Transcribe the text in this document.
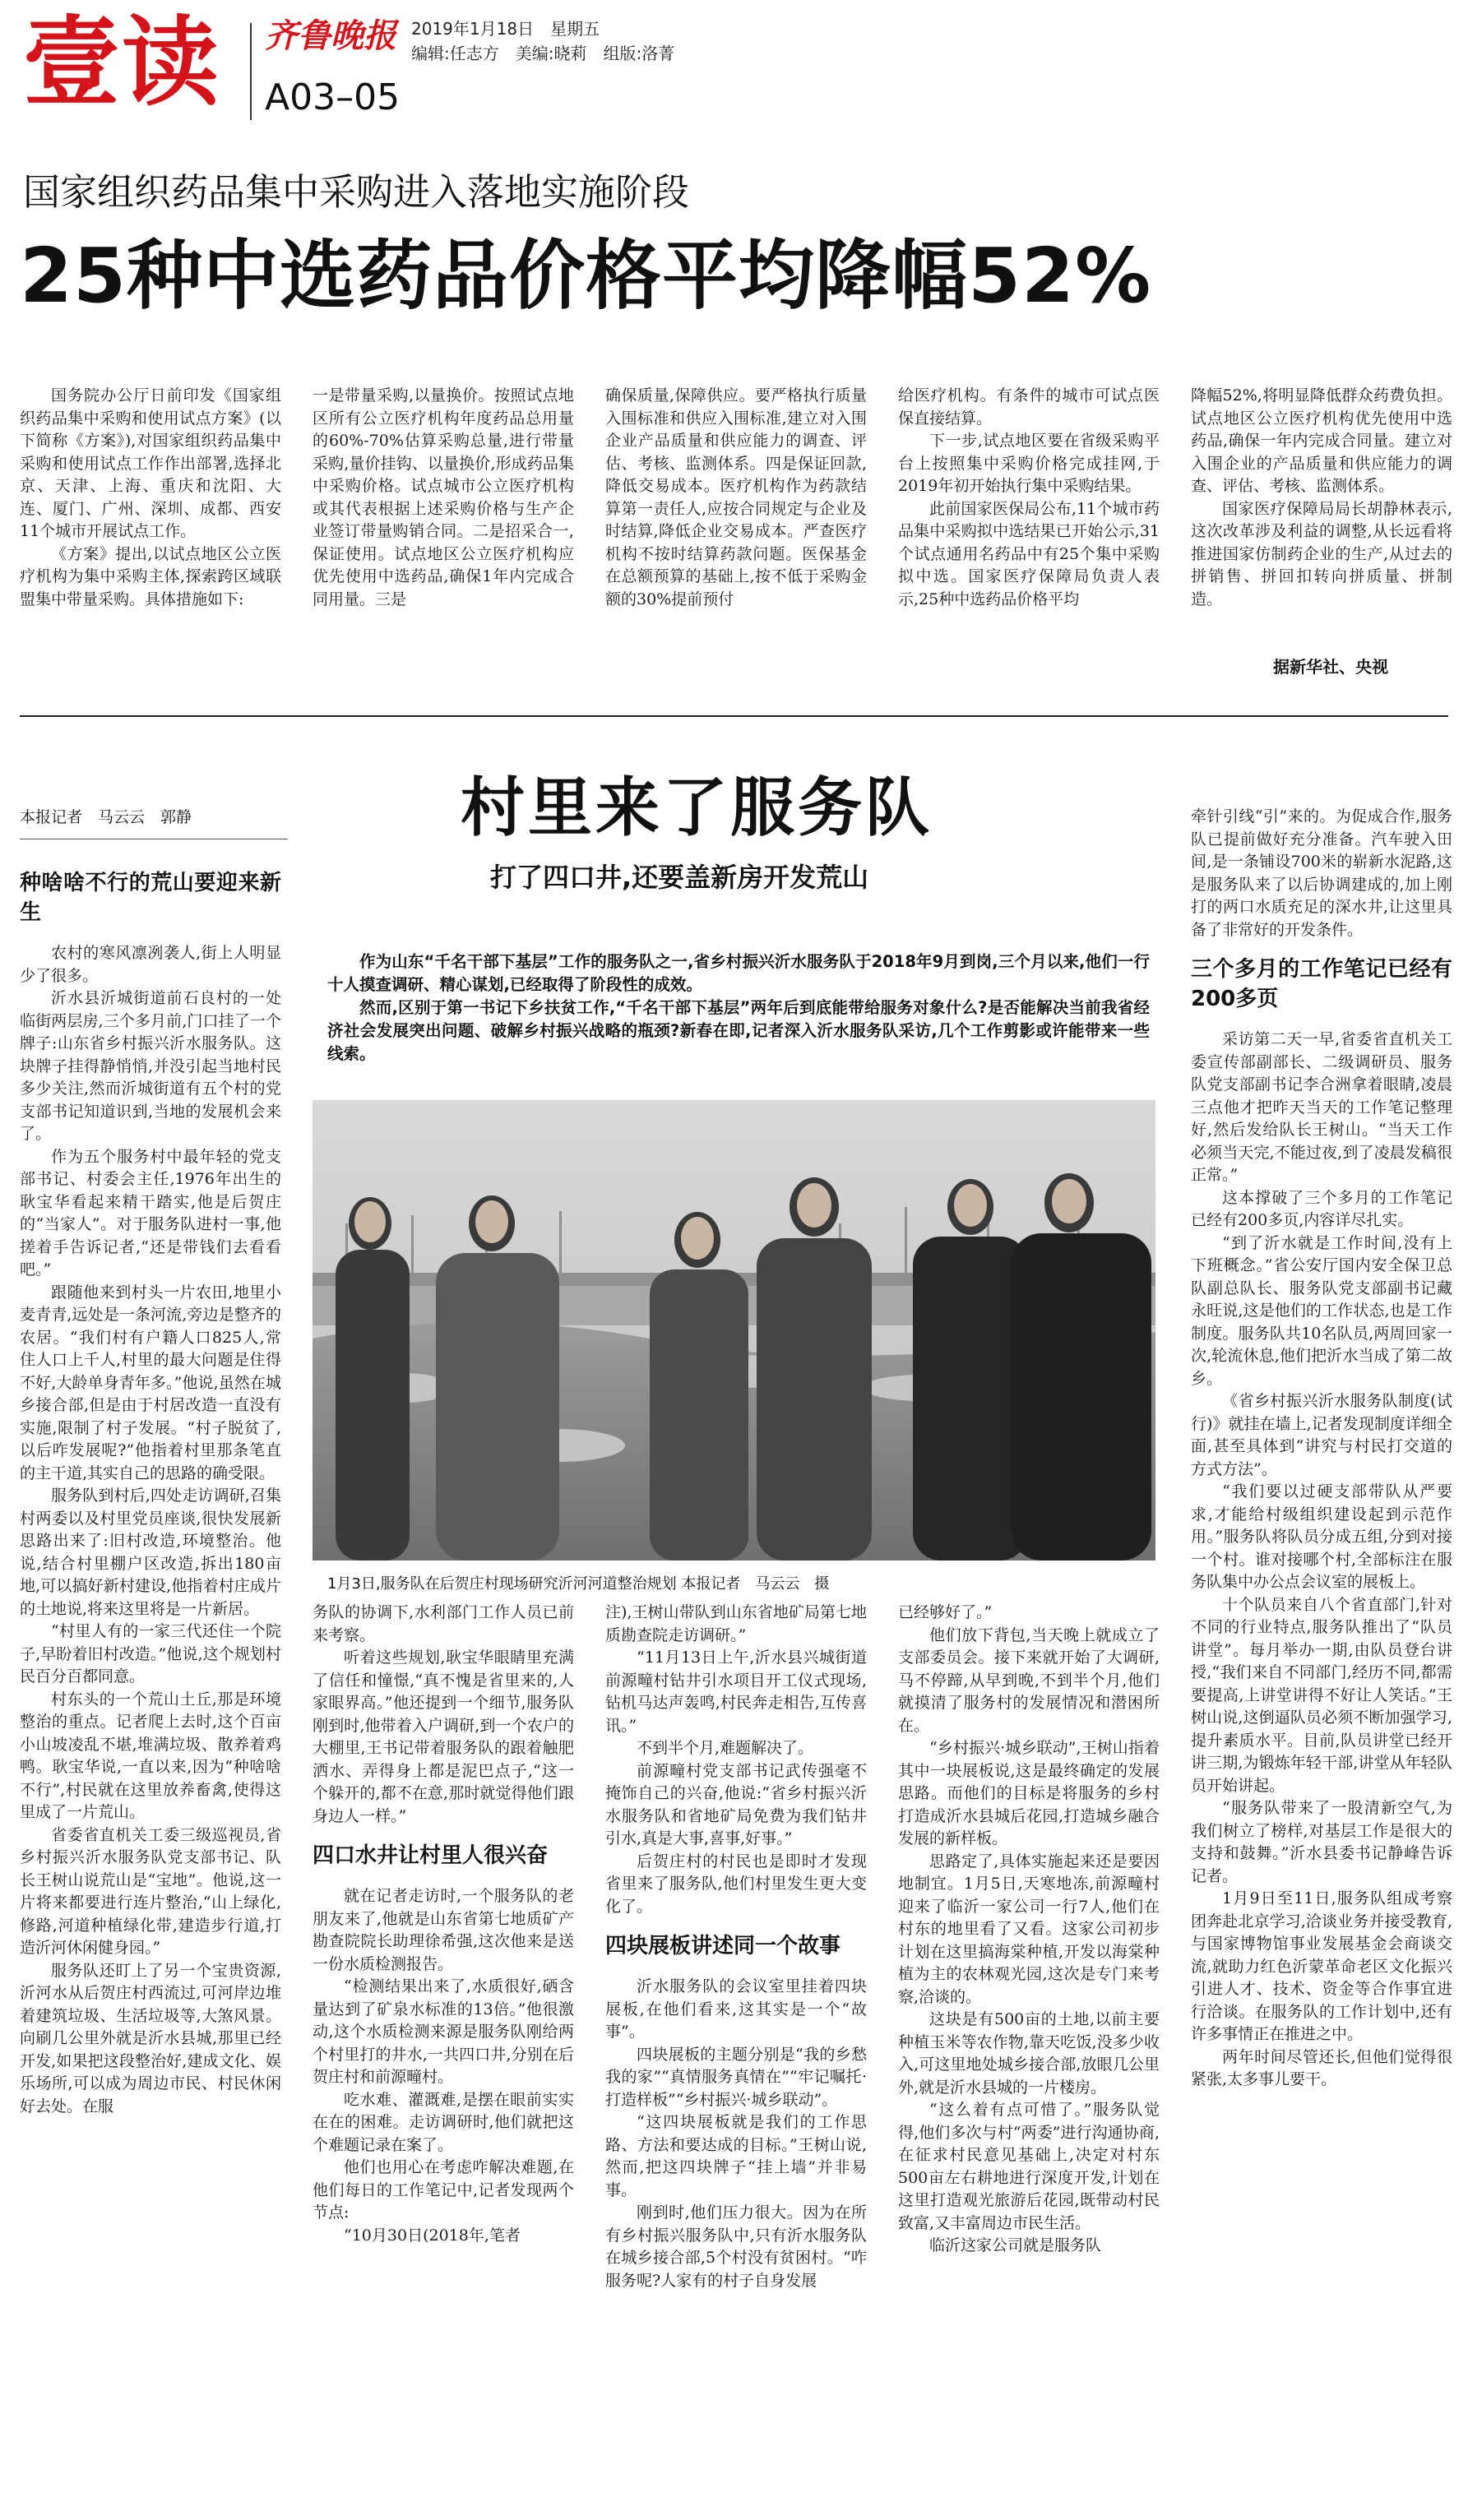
壹读 齐鲁晚报 2019年1月18日　星期五
编辑:任志方　美编:晓莉　组版:洛菁
A03–05
国家组织药品集中采购进入落地实施阶段
25种中选药品价格平均降幅52%

国务院办公厅日前印发《国家组织药品集中采购和使用试点方案》(以下简称《方案》),对国家组织药品集中采购和使用试点工作作出部署,选择北京、天津、上海、重庆和沈阳、大连、厦门、广州、深圳、成都、西安11个城市开展试点工作。

《方案》提出,以试点地区公立医疗机构为集中采购主体,探索跨区域联盟集中带量采购。具体措施如下:

一是带量采购,以量换价。按照试点地区所有公立医疗机构年度药品总用量的60%-70%估算采购总量,进行带量采购,量价挂钩、以量换价,形成药品集中采购价格。试点城市公立医疗机构或其代表根据上述采购价格与生产企业签订带量购销合同。二是招采合一,保证使用。试点地区公立医疗机构应优先使用中选药品,确保1年内完成合同用量。三是

确保质量,保障供应。要严格执行质量入围标准和供应入围标准,建立对入围企业产品质量和供应能力的调查、评估、考核、监测体系。四是保证回款,降低交易成本。医疗机构作为药款结算第一责任人,应按合同规定与企业及时结算,降低企业交易成本。严查医疗机构不按时结算药款问题。医保基金在总额预算的基础上,按不低于采购金额的30%提前预付

给医疗机构。有条件的城市可试点医保直接结算。

下一步,试点地区要在省级采购平台上按照集中采购价格完成挂网,于2019年初开始执行集中采购结果。

此前国家医保局公布,11个城市药品集中采购拟中选结果已开始公示,31个试点通用名药品中有25个集中采购拟中选。国家医疗保障局负责人表示,25种中选药品价格平均

降幅52%,将明显降低群众药费负担。试点地区公立医疗机构优先使用中选药品,确保一年内完成合同量。建立对入围企业的产品质量和供应能力的调查、评估、考核、监测体系。

国家医疗保障局局长胡静林表示,这次改革涉及利益的调整,从长远看将推进国家仿制药企业的生产,从过去的拼销售、拼回扣转向拼质量、拼制造。

据新华社、央视
本报记者　马云云　郭静	村里来了服务队
打了四口井,还要盖新房开发荒山

作为山东“千名干部下基层”工作的服务队之一,省乡村振兴沂水服务队于2018年9月到岗,三个月以来,他们一行十人摸查调研、精心谋划,已经取得了阶段性的成效。

然而,区别于第一书记下乡扶贫工作,“千名干部下基层”两年后到底能带给服务对象什么?是否能解决当前我省经济社会发展突出问题、破解乡村振兴战略的瓶颈?新春在即,记者深入沂水服务队采访,几个工作剪影或许能带来一些线索。

1月3日,服务队在后贺庄村现场研究沂河河道整治规划 本报记者　马云云　摄
种啥啥不行的荒山要迎来新生

农村的寒风凛冽袭人,街上人明显少了很多。

沂水县沂城街道前石良村的一处临街两层房,三个多月前,门口挂了一个牌子:山东省乡村振兴沂水服务队。这块牌子挂得静悄悄,并没引起当地村民多少关注,然而沂城街道有五个村的党支部书记知道识到,当地的发展机会来了。

作为五个服务村中最年轻的党支部书记、村委会主任,1976年出生的耿宝华看起来精干踏实,他是后贺庄的“当家人”。对于服务队进村一事,他搓着手告诉记者,“还是带钱们去看看吧。”

跟随他来到村头一片农田,地里小麦青青,远处是一条河流,旁边是整齐的农居。“我们村有户籍人口825人,常住人口上千人,村里的最大问题是住得不好,大龄单身青年多。”他说,虽然在城乡接合部,但是由于村居改造一直没有实施,限制了村子发展。“村子脱贫了,以后咋发展呢?”他指着村里那条笔直的主干道,其实自己的思路的确受限。

服务队到村后,四处走访调研,召集村两委以及村里党员座谈,很快发展新思路出来了:旧村改造,环境整治。他说,结合村里棚户区改造,拆出180亩地,可以搞好新村建设,他指着村庄成片的土地说,将来这里将是一片新居。

“村里人有的一家三代还住一个院子,早盼着旧村改造。”他说,这个规划村民百分百都同意。

村东头的一个荒山土丘,那是环境整治的重点。记者爬上去时,这个百亩小山坡凌乱不堪,堆满垃圾、散养着鸡鸭。耿宝华说,一直以来,因为“种啥啥不行”,村民就在这里放养畜禽,使得这里成了一片荒山。

省委省直机关工委三级巡视员,省乡村振兴沂水服务队党支部书记、队长王树山说荒山是“宝地”。他说,这一片将来都要进行连片整治,“山上绿化,修路,河道种植绿化带,建造步行道,打造沂河休闲健身园。”

服务队还盯上了另一个宝贵资源,沂河水从后贺庄村西流过,可河岸边堆着建筑垃圾、生活垃圾等,大煞风景。向刷几公里外就是沂水县城,那里已经开发,如果把这段整治好,建成文化、娱乐场所,可以成为周边市民、村民休闲好去处。在服

务队的协调下,水利部门工作人员已前来考察。

听着这些规划,耿宝华眼睛里充满了信任和憧憬,“真不愧是省里来的,人家眼界高。”他还提到一个细节,服务队刚到时,他带着入户调研,到一个农户的大棚里,王书记带着服务队的跟着触肥洒水、弄得身上都是泥巴点子,“这一个躲开的,都不在意,那时就觉得他们跟身边人一样。”

四口水井让村里人很兴奋

就在记者走访时,一个服务队的老朋友来了,他就是山东省第七地质矿产勘查院院长助理徐希强,这次他来是送一份水质检测报告。

“检测结果出来了,水质很好,硒含量达到了矿泉水标准的13倍。”他很激动,这个水质检测来源是服务队刚给两个村里打的井水,一共四口井,分别在后贺庄村和前源疃村。

吃水难、灌溉难,是摆在眼前实实在在的困难。走访调研时,他们就把这个难题记录在案了。

他们也用心在考虑咋解决难题,在他们每日的工作笔记中,记者发现两个节点:

“10月30日(2018年,笔者

注),王树山带队到山东省地矿局第七地质勘查院走访调研。”

“11月13日上午,沂水县兴城街道前源疃村钻井引水项目开工仪式现场,钻机马达声轰鸣,村民奔走相告,互传喜讯。”

不到半个月,难题解决了。

前源疃村党支部书记武传强毫不掩饰自己的兴奋,他说:“省乡村振兴沂水服务队和省地矿局免费为我们钻井引水,真是大事,喜事,好事。”

后贺庄村的村民也是即时才发现省里来了服务队,他们村里发生更大变化了。

四块展板讲述同一个故事

沂水服务队的会议室里挂着四块展板,在他们看来,这其实是一个“故事”。

四块展板的主题分别是“我的乡愁我的家”“真情服务真情在”“牢记嘱托·打造样板”“乡村振兴·城乡联动”。

“这四块展板就是我们的工作思路、方法和要达成的目标。”王树山说,然而,把这四块牌子“挂上墙”并非易事。

刚到时,他们压力很大。因为在所有乡村振兴服务队中,只有沂水服务队在城乡接合部,5个村没有贫困村。“咋服务呢?人家有的村子自身发展

已经够好了。”

他们放下背包,当天晚上就成立了支部委员会。接下来就开始了大调研,马不停蹄,从早到晚,不到半个月,他们就摸清了服务村的发展情况和潜困所在。

“乡村振兴·城乡联动”,王树山指着其中一块展板说,这是最终确定的发展思路。而他们的目标是将服务的乡村打造成沂水县城后花园,打造城乡融合发展的新样板。

思路定了,具体实施起来还是要因地制宜。1月5日,天寒地冻,前源疃村迎来了临沂一家公司一行7人,他们在村东的地里看了又看。这家公司初步计划在这里搞海棠种植,开发以海棠种植为主的农林观光园,这次是专门来考察,洽谈的。

这块是有500亩的土地,以前主要种植玉米等农作物,靠天吃饭,没多少收入,可这里地处城乡接合部,放眼几公里外,就是沂水县城的一片楼房。

“这么着有点可惜了。”服务队觉得,他们多次与村“两委”进行沟通协商,在征求村民意见基础上,决定对村东500亩左右耕地进行深度开发,计划在这里打造观光旅游后花园,既带动村民致富,又丰富周边市民生活。

临沂这家公司就是服务队

牵针引线“引”来的。为促成合作,服务队已提前做好充分准备。汽车驶入田间,是一条铺设700米的崭新水泥路,这是服务队来了以后协调建成的,加上刚打的两口水质充足的深水井,让这里具备了非常好的开发条件。

三个多月的工作笔记已经有200多页

采访第二天一早,省委省直机关工委宣传部副部长、二级调研员、服务队党支部副书记李合洲拿着眼睛,凌晨三点他才把昨天当天的工作笔记整理好,然后发给队长王树山。“当天工作必须当天完,不能过夜,到了凌晨发稿很正常。”

这本撑破了三个多月的工作笔记已经有200多页,内容详尽扎实。

“到了沂水就是工作时间,没有上下班概念。”省公安厅国内安全保卫总队副总队长、服务队党支部副书记藏永旺说,这是他们的工作状态,也是工作制度。服务队共10名队员,两周回家一次,轮流休息,他们把沂水当成了第二故乡。

《省乡村振兴沂水服务队制度(试行)》就挂在墙上,记者发现制度详细全面,甚至具体到“讲究与村民打交道的方式方法”。

“我们要以过硬支部带队从严要求,才能给村级组织建设起到示范作用。”服务队将队员分成五组,分到对接一个村。谁对接哪个村,全部标注在服务队集中办公点会议室的展板上。

十个队员来自八个省直部门,针对不同的行业特点,服务队推出了“队员讲堂”。每月举办一期,由队员登台讲授,“我们来自不同部门,经历不同,都需要提高,上讲堂讲得不好让人笑话。”王树山说,这倒逼队员必须不断加强学习,提升素质水平。目前,队员讲堂已经开讲三期,为锻炼年轻干部,讲堂从年轻队员开始讲起。

“服务队带来了一股清新空气,为我们树立了榜样,对基层工作是很大的支持和鼓舞。”沂水县委书记静峰告诉记者。

1月9日至11日,服务队组成考察团奔赴北京学习,洽谈业务并接受教育,与国家博物馆事业发展基金会商谈交流,就助力红色沂蒙革命老区文化振兴引进人才、技术、资金等合作事宜进行洽谈。在服务队的工作计划中,还有许多事情正在推进之中。

两年时间尽管还长,但他们觉得很紧张,太多事儿要干。
